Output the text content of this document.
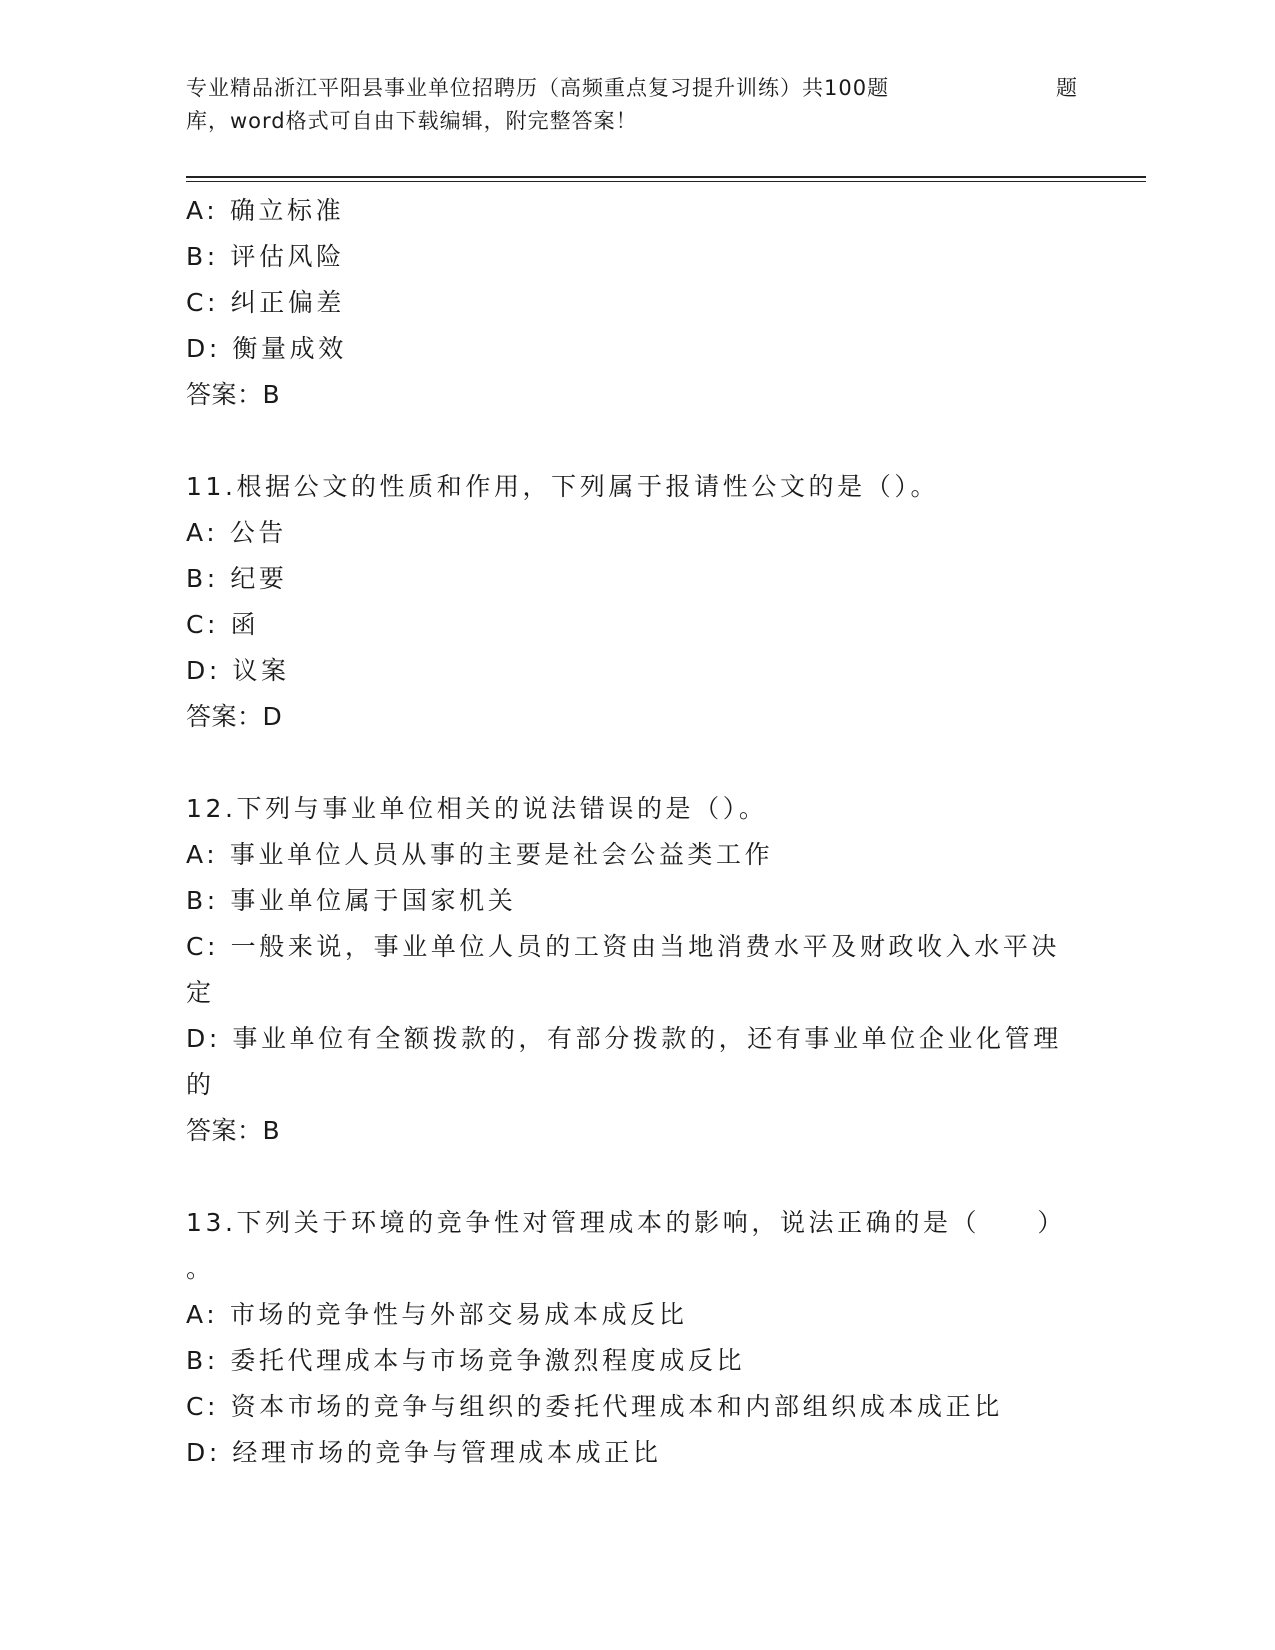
专业精品浙江平阳县事业单位招聘历（高频重点复习提升训练）共100题	题
库，word格式可自由下载编辑，附完整答案！
A: 确立标准
B: 评估风险
C: 纠正偏差
D: 衡量成效
答案：B
11.根据公文的性质和作用，下列属于报请性公文的是（）。
A: 公告
B: 纪要
C: 函
D: 议案
答案：D
12.下列与事业单位相关的说法错误的是（）。
A: 事业单位人员从事的主要是社会公益类工作
B: 事业单位属于国家机关
C: 一般来说，事业单位人员的工资由当地消费水平及财政收入水平决
定
D: 事业单位有全额拨款的，有部分拨款的，还有事业单位企业化管理
的
答案：B
13.下列关于环境的竞争性对管理成本的影响，说法正确的是（　　）
。
A: 市场的竞争性与外部交易成本成反比
B: 委托代理成本与市场竞争激烈程度成反比
C: 资本市场的竞争与组织的委托代理成本和内部组织成本成正比
D: 经理市场的竞争与管理成本成正比
